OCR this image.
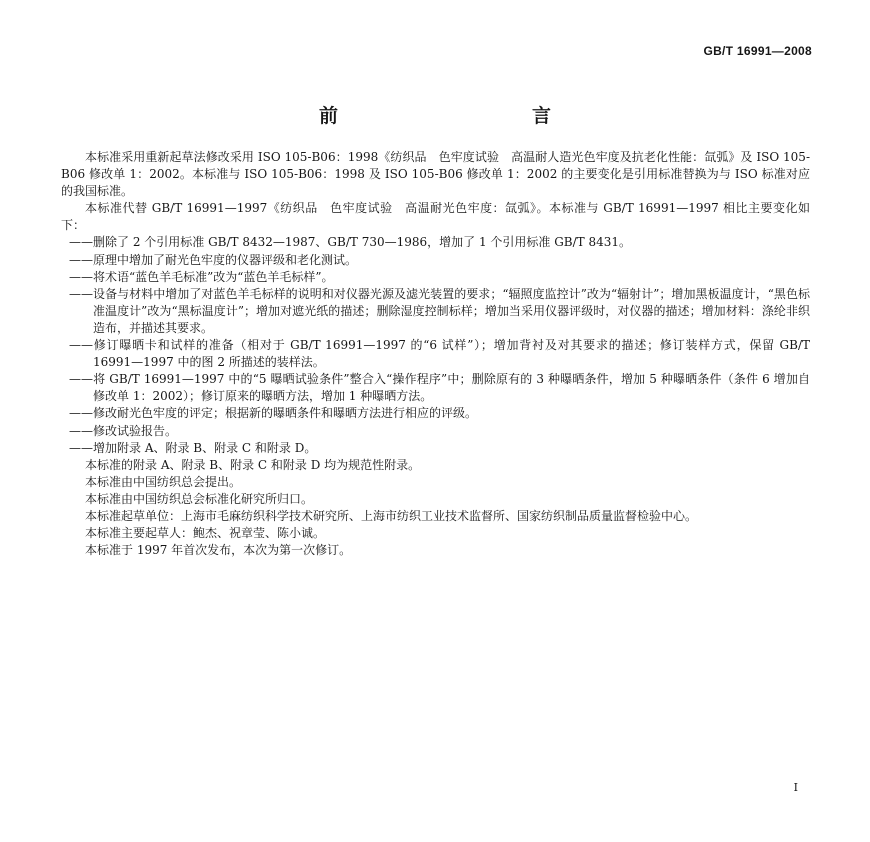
GB/T 16991—2008
前　　言

本标准采用重新起草法修改采用 ISO 105-B06：1998《纺织品　色牢度试验　高温耐人造光色牢度及抗老化性能：氙弧》及 ISO 105-B06 修改单 1：2002。本标准与 ISO 105-B06：1998 及 ISO 105-B06 修改单 1：2002 的主要变化是引用标准替换为与 ISO 标准对应的我国标准。

本标准代替 GB/T 16991—1997《纺织品　色牢度试验　高温耐光色牢度：氙弧》。本标准与 GB/T 16991—1997 相比主要变化如下：

——删除了 2 个引用标准 GB/T 8432—1987、GB/T 730—1986，增加了 1 个引用标准 GB/T 8431。

——原理中增加了耐光色牢度的仪器评级和老化测试。

——将术语“蓝色羊毛标准”改为“蓝色羊毛标样”。

——设备与材料中增加了对蓝色羊毛标样的说明和对仪器光源及滤光装置的要求；“辐照度监控计”改为“辐射计”；增加黑板温度计，“黑色标准温度计”改为“黑标温度计”；增加对遮光纸的描述；删除湿度控制标样；增加当采用仪器评级时，对仪器的描述；增加材料：涤纶非织造布，并描述其要求。

——修订曝晒卡和试样的准备（相对于 GB/T 16991—1997 的“6 试样”）；增加背衬及对其要求的描述；修订装样方式，保留 GB/T 16991—1997 中的图 2 所描述的装样法。

——将 GB/T 16991—1997 中的“5 曝晒试验条件”整合入“操作程序”中；删除原有的 3 种曝晒条件，增加 5 种曝晒条件（条件 6 增加自修改单 1：2002）；修订原来的曝晒方法，增加 1 种曝晒方法。

——修改耐光色牢度的评定；根据新的曝晒条件和曝晒方法进行相应的评级。

——修改试验报告。

——增加附录 A、附录 B、附录 C 和附录 D。

本标准的附录 A、附录 B、附录 C 和附录 D 均为规范性附录。

本标准由中国纺织总会提出。

本标准由中国纺织总会标准化研究所归口。

本标准起草单位：上海市毛麻纺织科学技术研究所、上海市纺织工业技术监督所、国家纺织制品质量监督检验中心。

本标准主要起草人：鲍杰、祝章莹、陈小诚。

本标准于 1997 年首次发布，本次为第一次修订。

I
